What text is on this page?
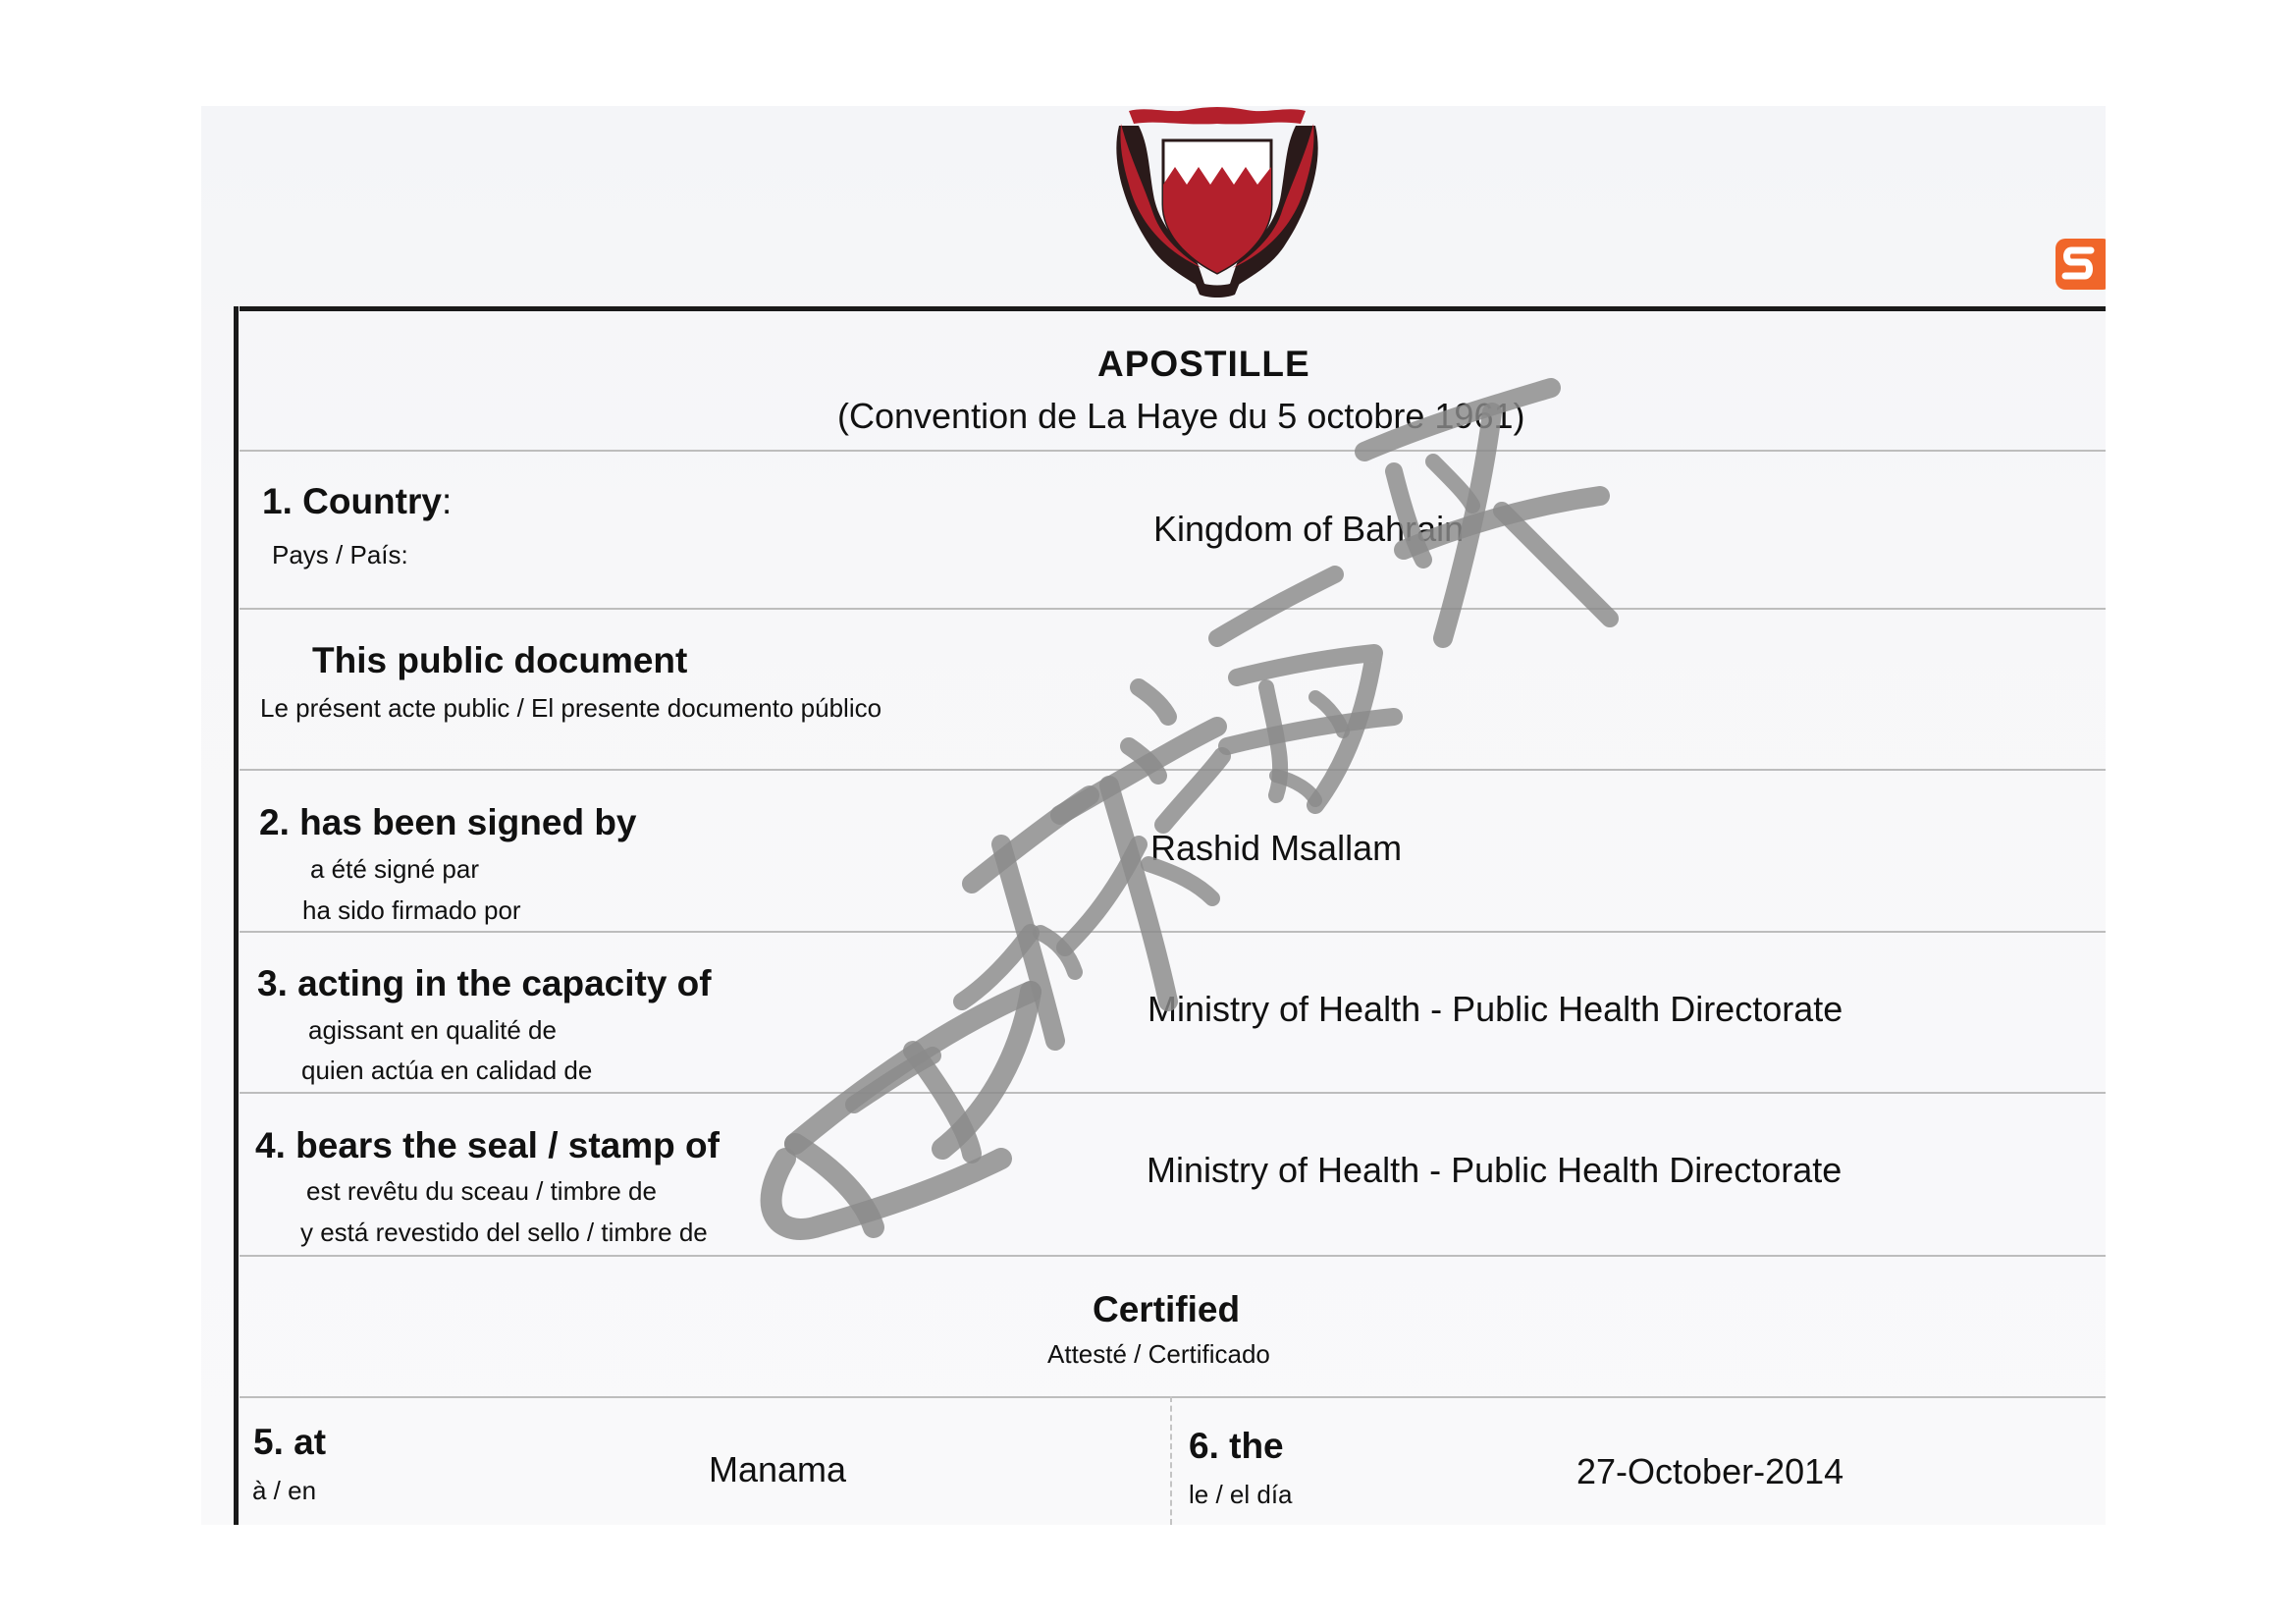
APOSTILLE
(Convention de La Haye du 5 octobre 1961)
1. Country:
Pays / País:
Kingdom of Bahrain
This public document
Le présent acte public / El presente documento público
2. has been signed by
a été signé par
ha sido firmado por
Rashid Msallam
3. acting in the capacity of
agissant en qualité de
quien actúa en calidad de
Ministry of Health - Public Health Directorate
4. bears the seal / stamp of
est revêtu du sceau / timbre de
y está revestido del sello / timbre de
Ministry of Health - Public Health Directorate
Certified
Attesté / Certificado
5. at
à / en
Manama
6. the
le / el día
27-October-2014
